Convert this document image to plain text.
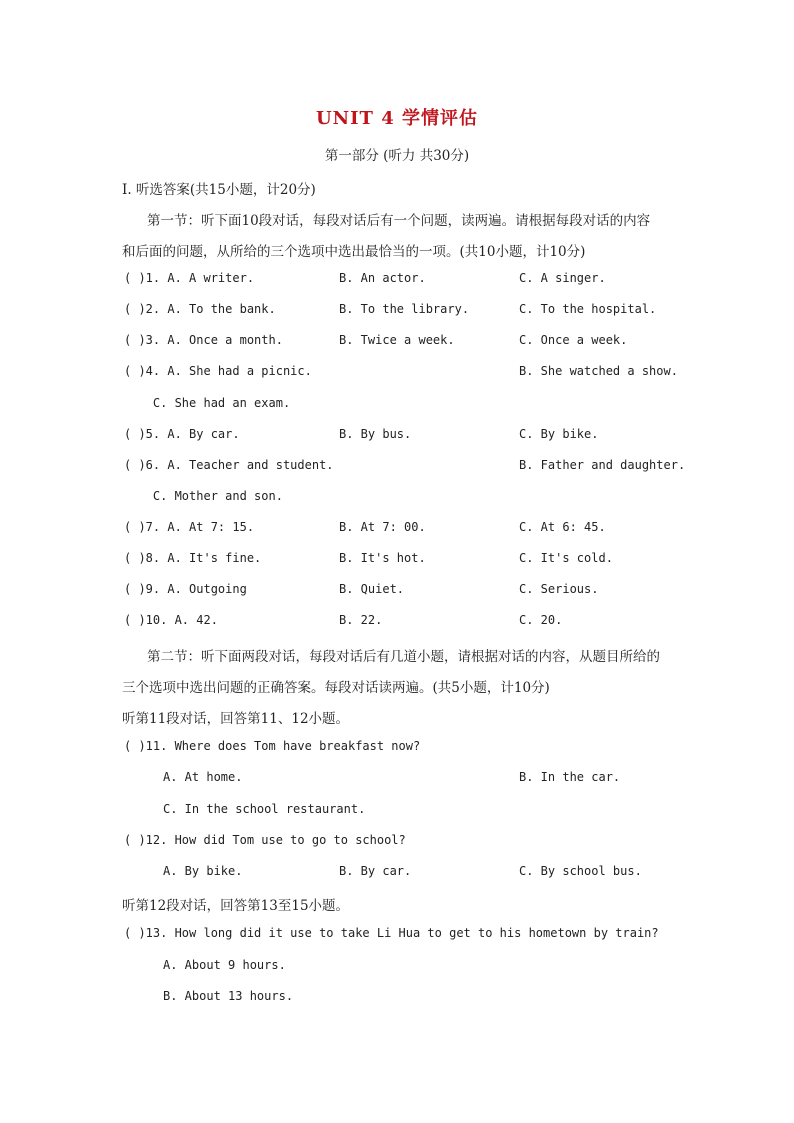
UNIT 4 学情评估
第一部分 (听力 共30分)
Ⅰ. 听选答案(共15小题，计20分)
第一节：听下面10段对话，每段对话后有一个问题，读两遍。请根据每段对话的内容
和后面的问题，从所给的三个选项中选出最恰当的一项。(共10小题，计10分)
( )1. A. A writer.	B. An actor.	C. A singer.
( )2. A. To the bank.	B. To the library.	C. To the hospital.
( )3. A. Once a month.	B. Twice a week.	C. Once a week.
( )4. A. She had a picnic.	B. She watched a show.
C. She had an exam.
( )5. A. By car.	B. By bus.	C. By bike.
( )6. A. Teacher and student.	B. Father and daughter.
C. Mother and son.
( )7. A. At 7: 15.	B. At 7: 00.	C. At 6: 45.
( )8. A. It's fine.	B. It's hot.	C. It's cold.
( )9. A. Outgoing	B. Quiet.	C. Serious.
( )10. A. 42.	B. 22.	C. 20.
第二节：听下面两段对话，每段对话后有几道小题，请根据对话的内容，从题目所给的
三个选项中选出问题的正确答案。每段对话读两遍。(共5小题，计10分)
听第11段对话，回答第11、12小题。
( )11. Where does Tom have breakfast now?
A. At home.	B. In the car.
C. In the school restaurant.
( )12. How did Tom use to go to school?
A. By bike.	B. By car.	C. By school bus.
听第12段对话，回答第13至15小题。
( )13. How long did it use to take Li Hua to get to his hometown by train?
A. About 9 hours.
B. About 13 hours.
